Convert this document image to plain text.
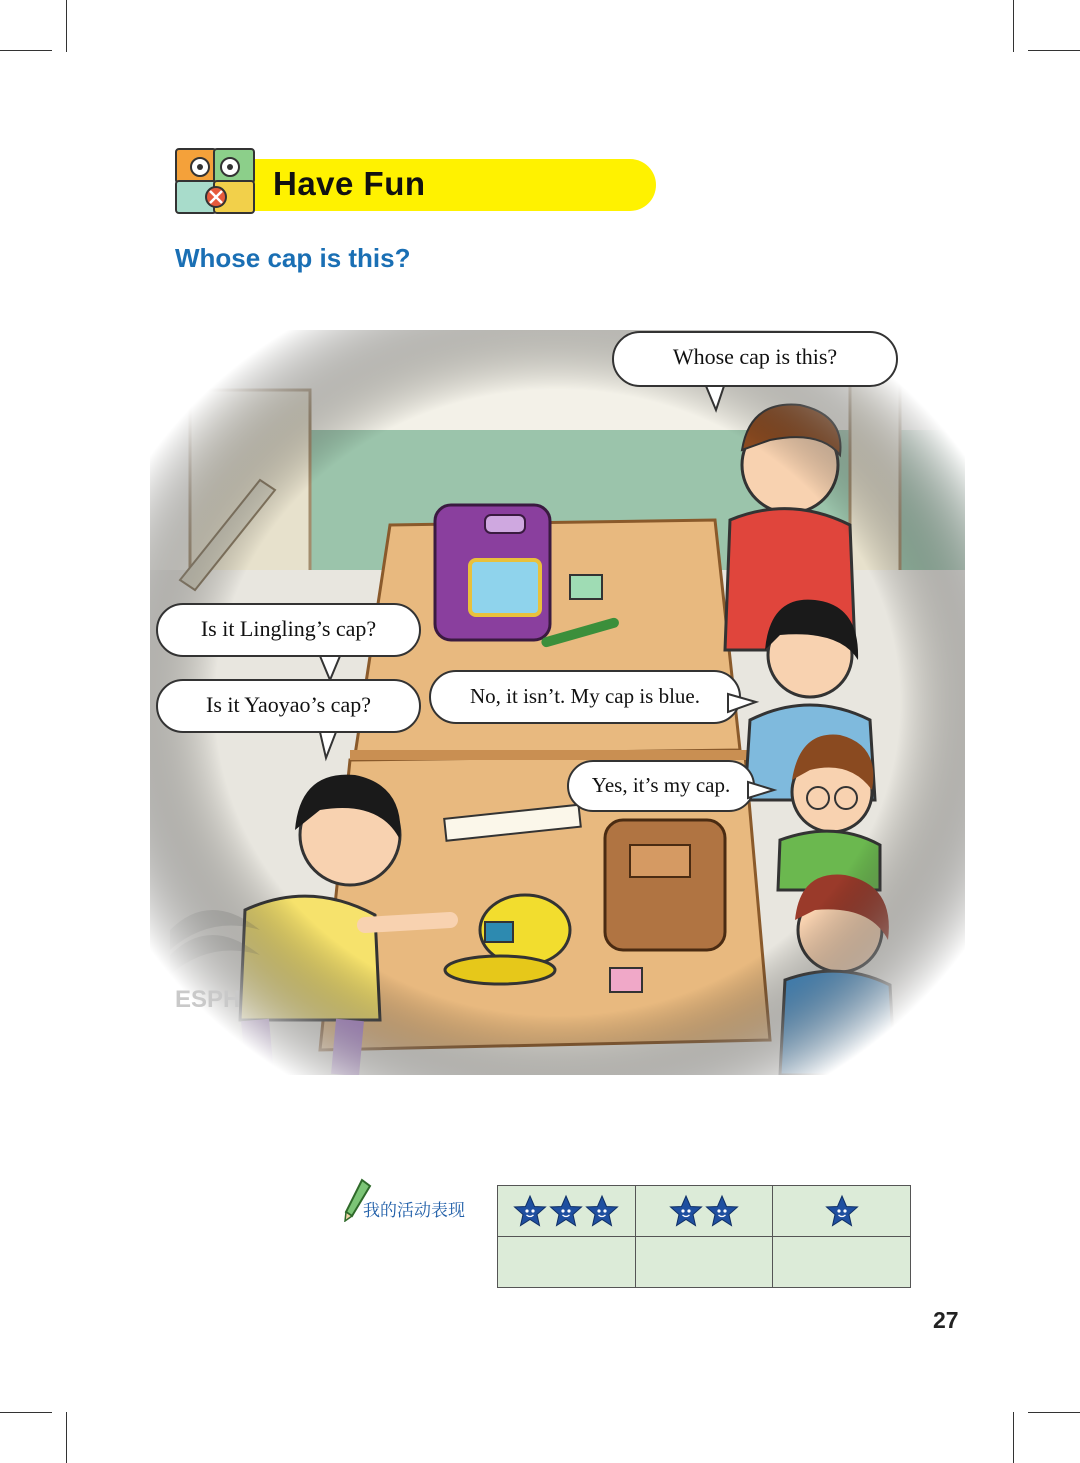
Have Fun
Whose cap is this?
Whose cap is this?
Is it Lingling’s cap?
Is it Yaoyao’s cap?	No, it isn’t. My cap is blue.
Yes, it’s my cap.
ESPH
我的活动表现

27
